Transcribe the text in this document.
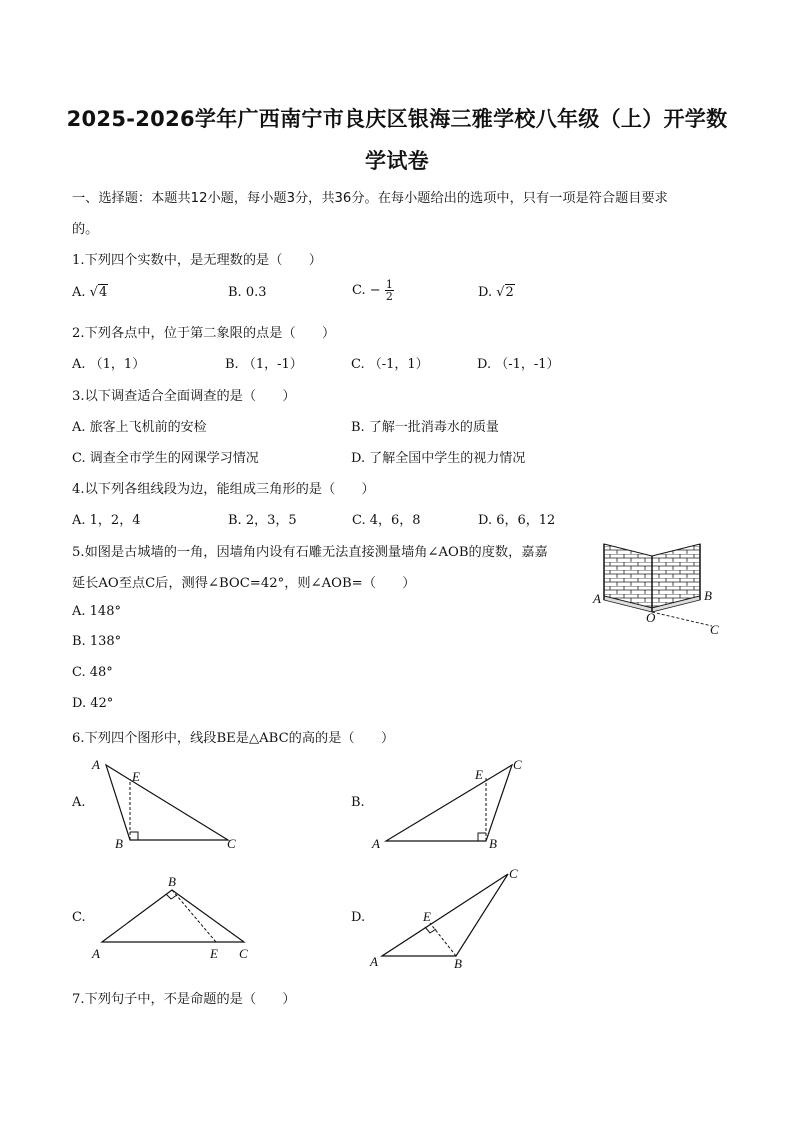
2025-2026学年广西南宁市良庆区银海三雅学校八年级（上）开学数
学试卷
一、选择题：本题共12小题，每小题3分，共36分。在每小题给出的选项中，只有一项是符合题目要求
的。
1.下列四个实数中，是无理数的是（　　）
A. √4	B. 0.3	C. − $\frac{1}{2}$	D. √2
2.下列各点中，位于第二象限的点是（　　）
A. （1，1）	B. （1，-1）	C. （-1，1）	D. （-1，-1）
3.以下调查适合全面调查的是（　　）
A. 旅客上飞机前的安检	B. 了解一批消毒水的质量
C. 调查全市学生的网课学习情况	D. 了解全国中学生的视力情况
4.以下列各组线段为边，能组成三角形的是（　　）
A. 1，2，4	B. 2，3，5	C. 4，6，8	D. 6，6，12
5.如图是古城墙的一角，因墙角内设有石雕无法直接测量墙角∠AOB的度数，嘉嘉
延长AO至点C后，测得∠BOC=42°，则∠AOB=（　　）
A. 148°
B. 138°
C. 48°
D. 42°
A
O
B
C
6.下列四个图形中，线段BE是△ABC的高的是（　　）
A.
A
E
B	C
B.
A
E
B
C
C.
A
B
E C
D.
A
E
B
C
7.下列句子中，不是命题的是（　　）
